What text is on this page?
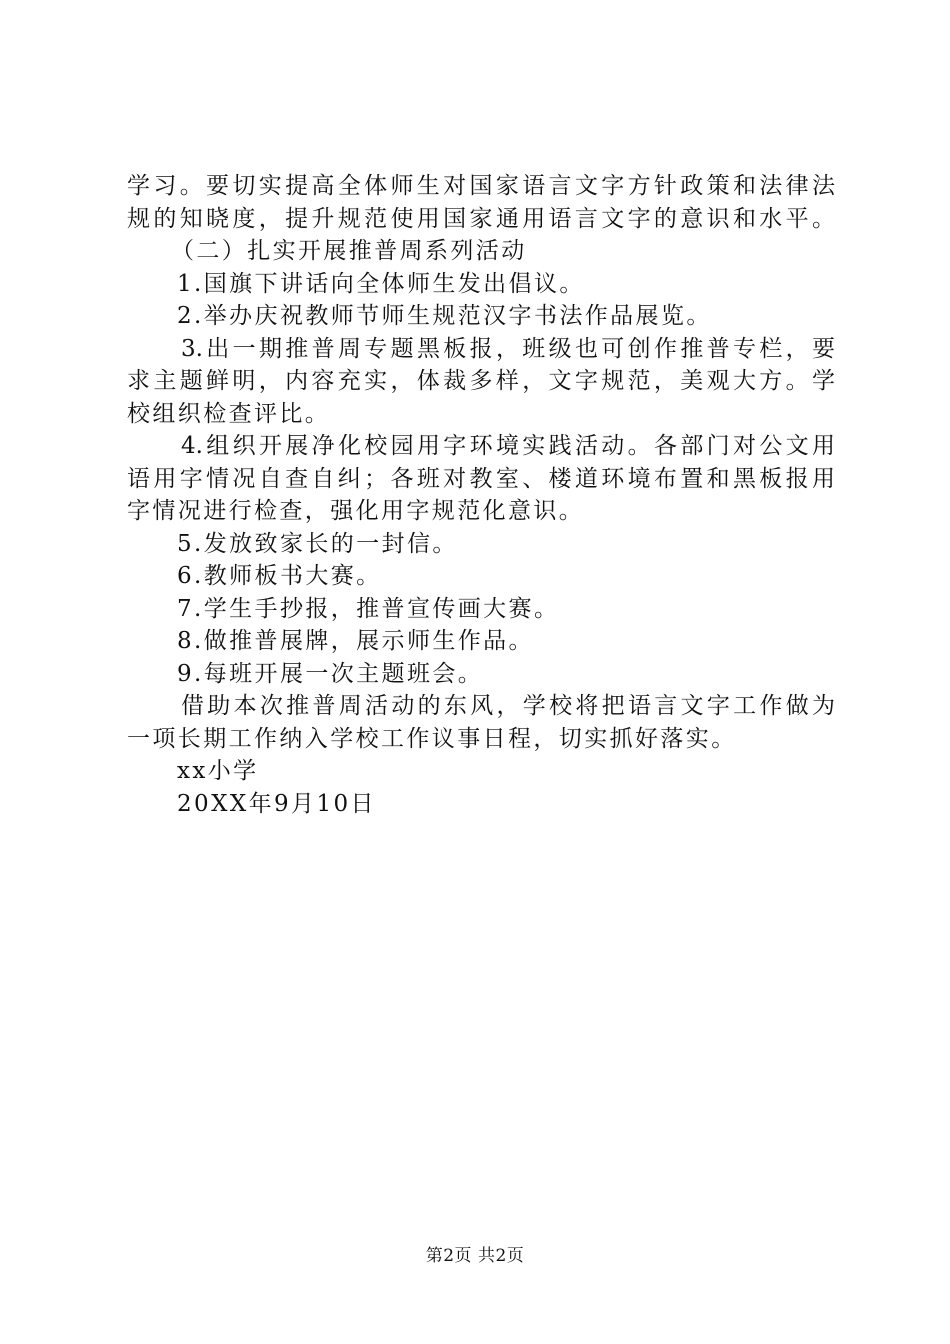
学习。要切实提高全体师生对国家语言文字方针政策和法律法
规的知晓度，提升规范使用国家通用语言文字的意识和水平。
（二）扎实开展推普周系列活动
1.国旗下讲话向全体师生发出倡议。
2.举办庆祝教师节师生规范汉字书法作品展览。
3.出一期推普周专题黑板报，班级也可创作推普专栏，要
求主题鲜明，内容充实，体裁多样，文字规范，美观大方。学
校组织检查评比。
4.组织开展净化校园用字环境实践活动。各部门对公文用
语用字情况自查自纠；各班对教室、楼道环境布置和黑板报用
字情况进行检查，强化用字规范化意识。
5.发放致家长的一封信。
6.教师板书大赛。
7.学生手抄报，推普宣传画大赛。
8.做推普展牌，展示师生作品。
9.每班开展一次主题班会。
借助本次推普周活动的东风，学校将把语言文字工作做为
一项长期工作纳入学校工作议事日程，切实抓好落实。
xx小学
20XX年9月10日
第2页 共2页
